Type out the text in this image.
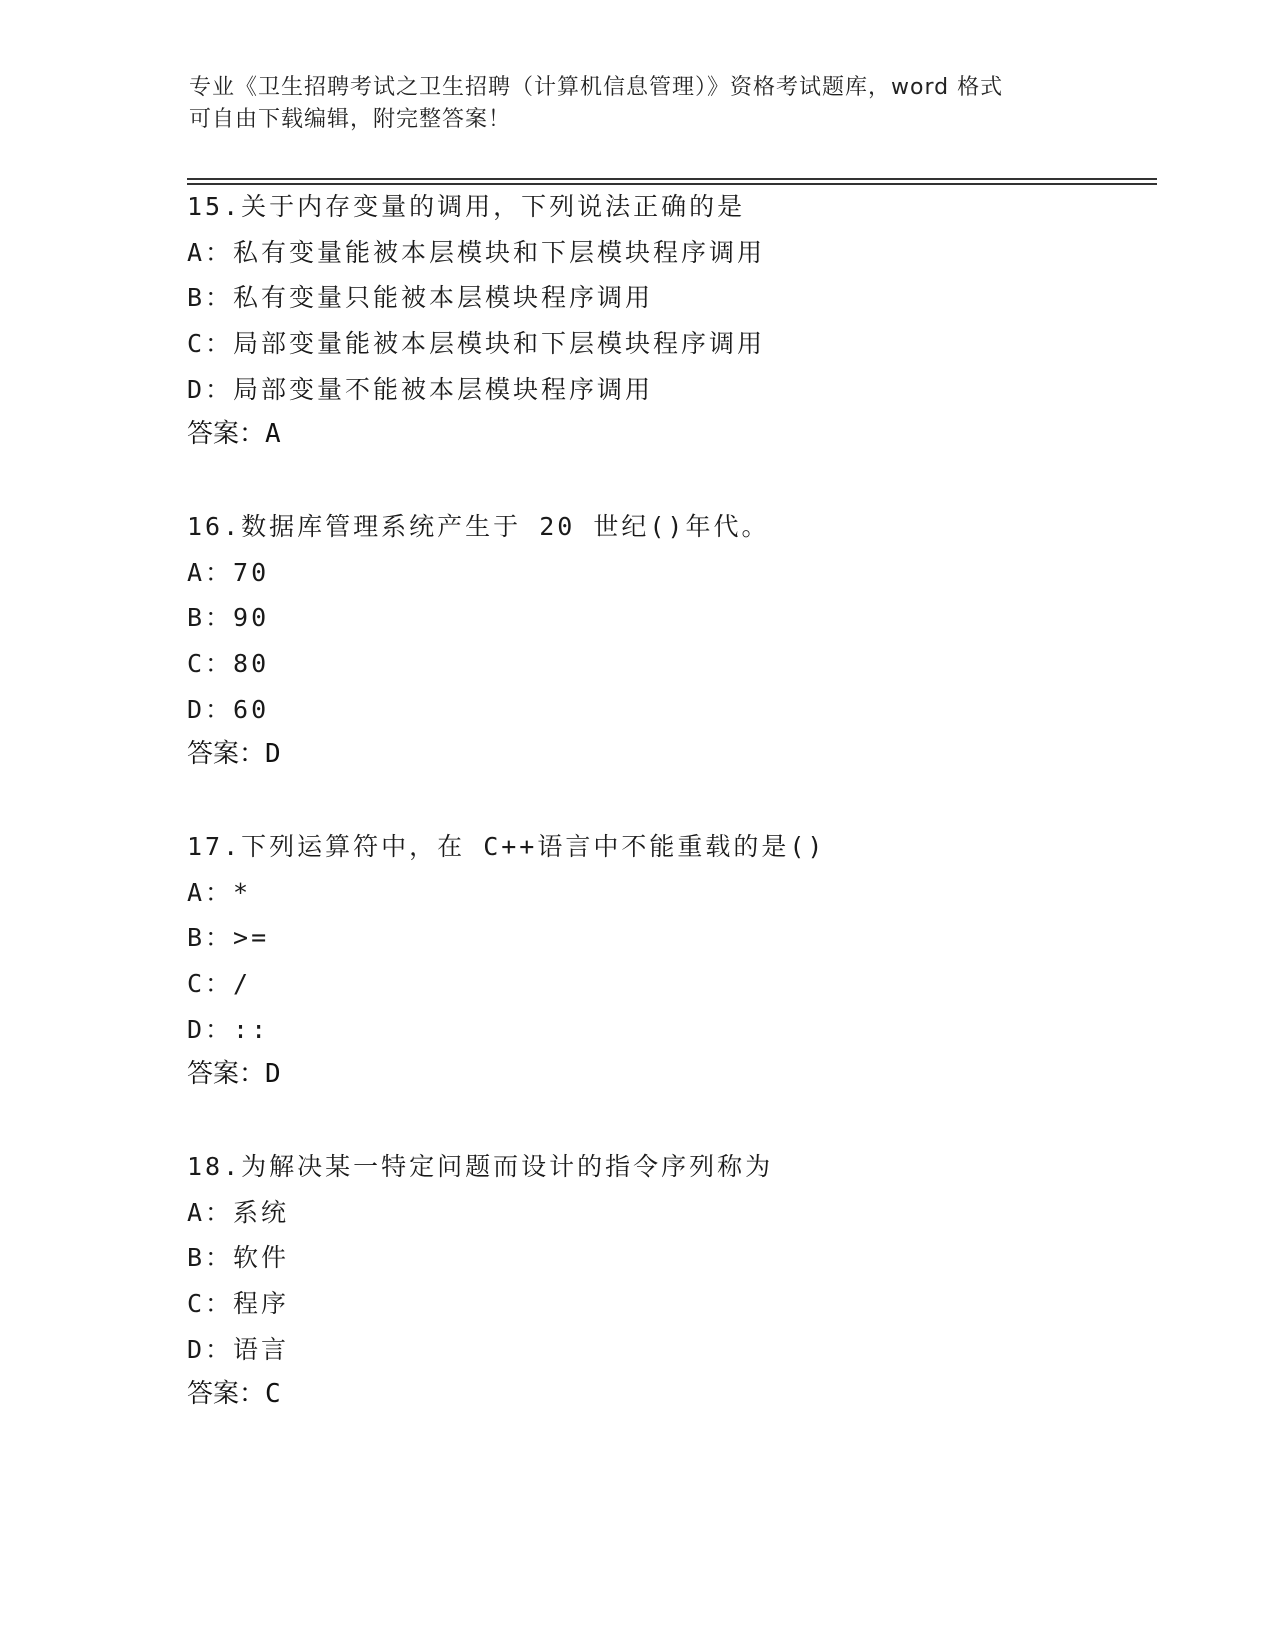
专业《卫生招聘考试之卫生招聘（计算机信息管理）》资格考试题库，word 格式
可自由下载编辑，附完整答案！
15.关于内存变量的调用，下列说法正确的是
A：私有变量能被本层模块和下层模块程序调用
B：私有变量只能被本层模块程序调用
C：局部变量能被本层模块和下层模块程序调用
D：局部变量不能被本层模块程序调用
答案：A
16.数据库管理系统产生于 20 世纪()年代。
A：70
B：90
C：80
D：60
答案：D
17.下列运算符中，在 C++语言中不能重载的是()
A：*
B：>=
C：/
D：::
答案：D
18.为解决某一特定问题而设计的指令序列称为
A：系统
B：软件
C：程序
D：语言
答案：C
